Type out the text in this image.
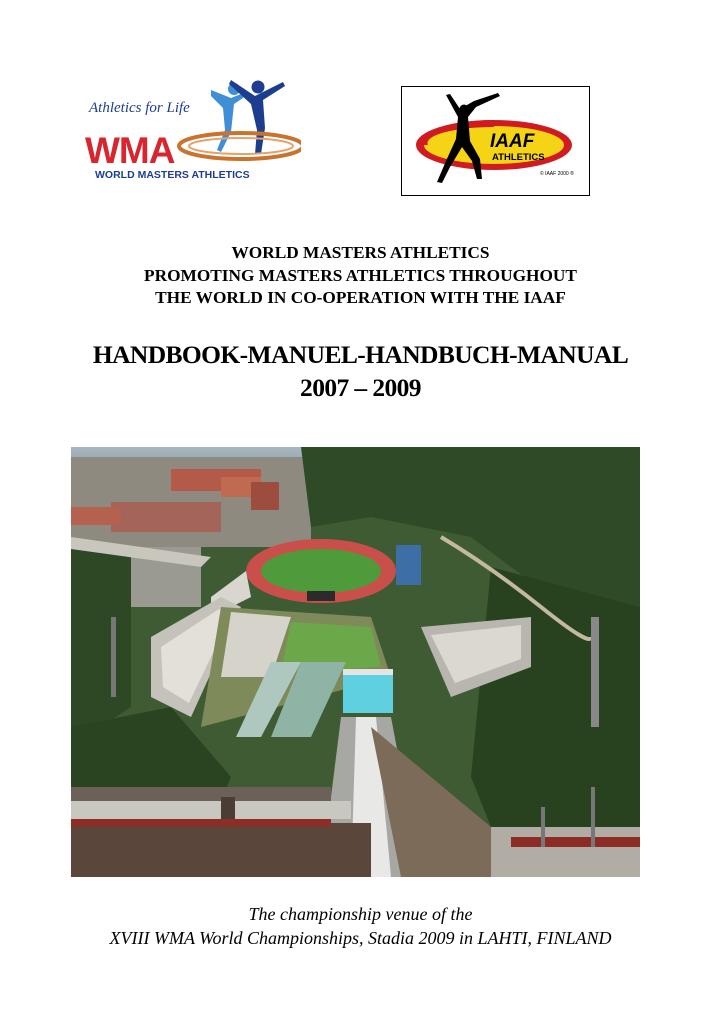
Athletics for Life
WMA
WORLD MASTERS ATHLETICS
IAAF
ATHLETICS
© IAAF 2000 ®
WORLD MASTERS ATHLETICS
PROMOTING MASTERS ATHLETICS THROUGHOUT
THE WORLD IN CO-OPERATION WITH THE IAAF
HANDBOOK-MANUEL-HANDBUCH-MANUAL
2007 – 2009
The championship venue of the
XVIII WMA World Championships, Stadia 2009 in LAHTI, FINLAND
